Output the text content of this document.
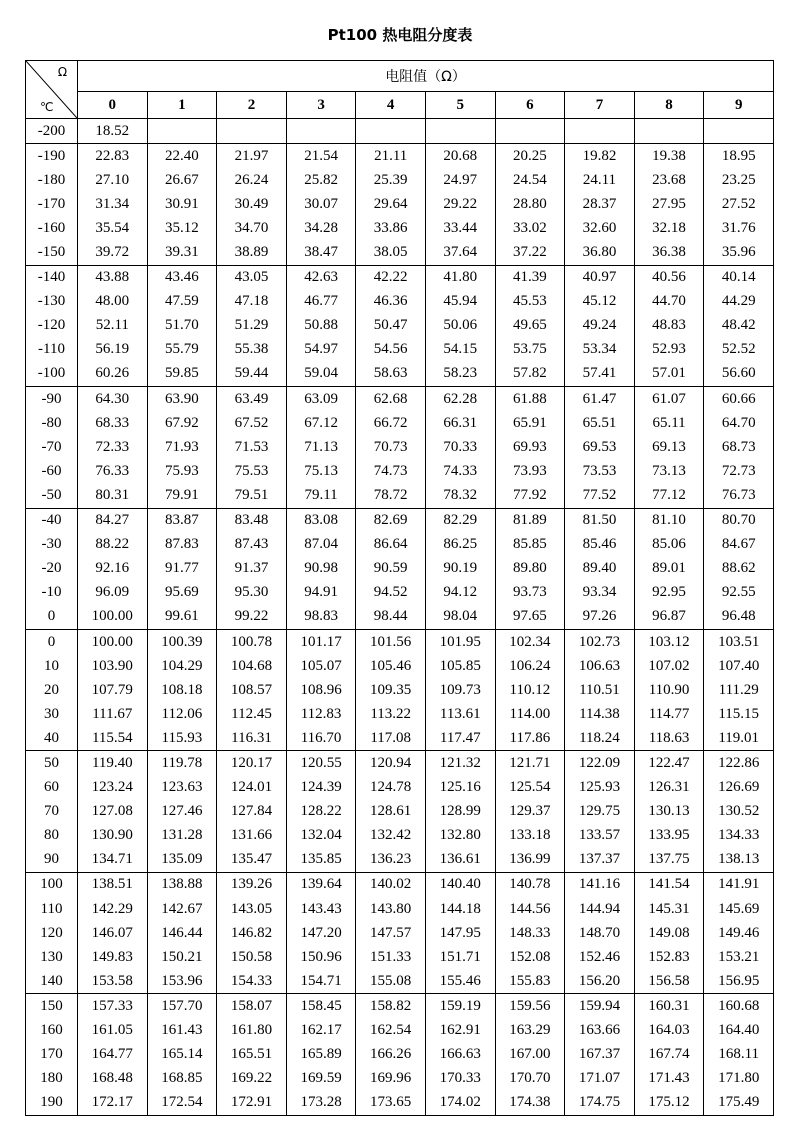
Pt100 热电阻分度表
Ω
℃	电阻值（Ω）									
	0	1	2	3	4	5	6	7	8	9
-200	18.52									
-190	22.83	22.40	21.97	21.54	21.11	20.68	20.25	19.82	19.38	18.95
-180	27.10	26.67	26.24	25.82	25.39	24.97	24.54	24.11	23.68	23.25
-170	31.34	30.91	30.49	30.07	29.64	29.22	28.80	28.37	27.95	27.52
-160	35.54	35.12	34.70	34.28	33.86	33.44	33.02	32.60	32.18	31.76
-150	39.72	39.31	38.89	38.47	38.05	37.64	37.22	36.80	36.38	35.96
-140	43.88	43.46	43.05	42.63	42.22	41.80	41.39	40.97	40.56	40.14
-130	48.00	47.59	47.18	46.77	46.36	45.94	45.53	45.12	44.70	44.29
-120	52.11	51.70	51.29	50.88	50.47	50.06	49.65	49.24	48.83	48.42
-110	56.19	55.79	55.38	54.97	54.56	54.15	53.75	53.34	52.93	52.52
-100	60.26	59.85	59.44	59.04	58.63	58.23	57.82	57.41	57.01	56.60
-90	64.30	63.90	63.49	63.09	62.68	62.28	61.88	61.47	61.07	60.66
-80	68.33	67.92	67.52	67.12	66.72	66.31	65.91	65.51	65.11	64.70
-70	72.33	71.93	71.53	71.13	70.73	70.33	69.93	69.53	69.13	68.73
-60	76.33	75.93	75.53	75.13	74.73	74.33	73.93	73.53	73.13	72.73
-50	80.31	79.91	79.51	79.11	78.72	78.32	77.92	77.52	77.12	76.73
-40	84.27	83.87	83.48	83.08	82.69	82.29	81.89	81.50	81.10	80.70
-30	88.22	87.83	87.43	87.04	86.64	86.25	85.85	85.46	85.06	84.67
-20	92.16	91.77	91.37	90.98	90.59	90.19	89.80	89.40	89.01	88.62
-10	96.09	95.69	95.30	94.91	94.52	94.12	93.73	93.34	92.95	92.55
0	100.00	99.61	99.22	98.83	98.44	98.04	97.65	97.26	96.87	96.48
0	100.00	100.39	100.78	101.17	101.56	101.95	102.34	102.73	103.12	103.51
10	103.90	104.29	104.68	105.07	105.46	105.85	106.24	106.63	107.02	107.40
20	107.79	108.18	108.57	108.96	109.35	109.73	110.12	110.51	110.90	111.29
30	111.67	112.06	112.45	112.83	113.22	113.61	114.00	114.38	114.77	115.15
40	115.54	115.93	116.31	116.70	117.08	117.47	117.86	118.24	118.63	119.01
50	119.40	119.78	120.17	120.55	120.94	121.32	121.71	122.09	122.47	122.86
60	123.24	123.63	124.01	124.39	124.78	125.16	125.54	125.93	126.31	126.69
70	127.08	127.46	127.84	128.22	128.61	128.99	129.37	129.75	130.13	130.52
80	130.90	131.28	131.66	132.04	132.42	132.80	133.18	133.57	133.95	134.33
90	134.71	135.09	135.47	135.85	136.23	136.61	136.99	137.37	137.75	138.13
100	138.51	138.88	139.26	139.64	140.02	140.40	140.78	141.16	141.54	141.91
110	142.29	142.67	143.05	143.43	143.80	144.18	144.56	144.94	145.31	145.69
120	146.07	146.44	146.82	147.20	147.57	147.95	148.33	148.70	149.08	149.46
130	149.83	150.21	150.58	150.96	151.33	151.71	152.08	152.46	152.83	153.21
140	153.58	153.96	154.33	154.71	155.08	155.46	155.83	156.20	156.58	156.95
150	157.33	157.70	158.07	158.45	158.82	159.19	159.56	159.94	160.31	160.68
160	161.05	161.43	161.80	162.17	162.54	162.91	163.29	163.66	164.03	164.40
170	164.77	165.14	165.51	165.89	166.26	166.63	167.00	167.37	167.74	168.11
180	168.48	168.85	169.22	169.59	169.96	170.33	170.70	171.07	171.43	171.80
190	172.17	172.54	172.91	173.28	173.65	174.02	174.38	174.75	175.12	175.49
